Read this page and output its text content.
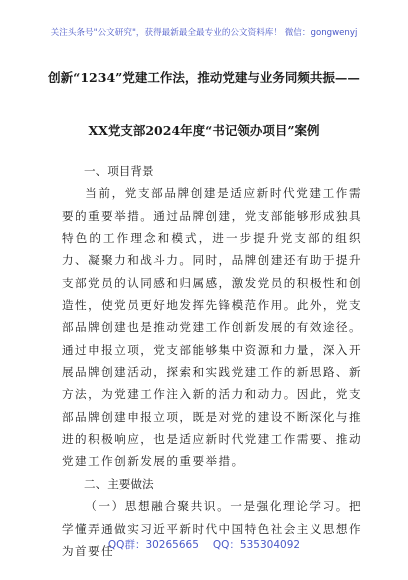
关注头条号"公文研究"，获得最新最全最专业的公文资料库！ 微信：gongwenyj
创新“1234”党建工作法，推动党建与业务同频共振——
XX党支部2024年度“书记领办项目”案例

一、项目背景

当前，党支部品牌创建是适应新时代党建工作需要的重要举措。通过品牌创建，党支部能够形成独具特色的工作理念和模式，进一步提升党支部的组织力、凝聚力和战斗力。同时，品牌创建还有助于提升支部党员的认同感和归属感，激发党员的积极性和创造性，使党员更好地发挥先锋模范作用。此外，党支部品牌创建也是推动党建工作创新发展的有效途径。通过申报立项，党支部能够集中资源和力量，深入开展品牌创建活动，探索和实践党建工作的新思路、新方法，为党建工作注入新的活力和动力。因此，党支部品牌创建申报立项，既是对党的建设不断深化与推进的积极响应，也是适应新时代党建工作需要、推动党建工作创新发展的重要举措。

二、主要做法

（一）思想融合聚共识。一是强化理论学习。把学懂弄通做实习近平新时代中国特色社会主义思想作为首要任

QQ群：30265665 QQ：535304092
